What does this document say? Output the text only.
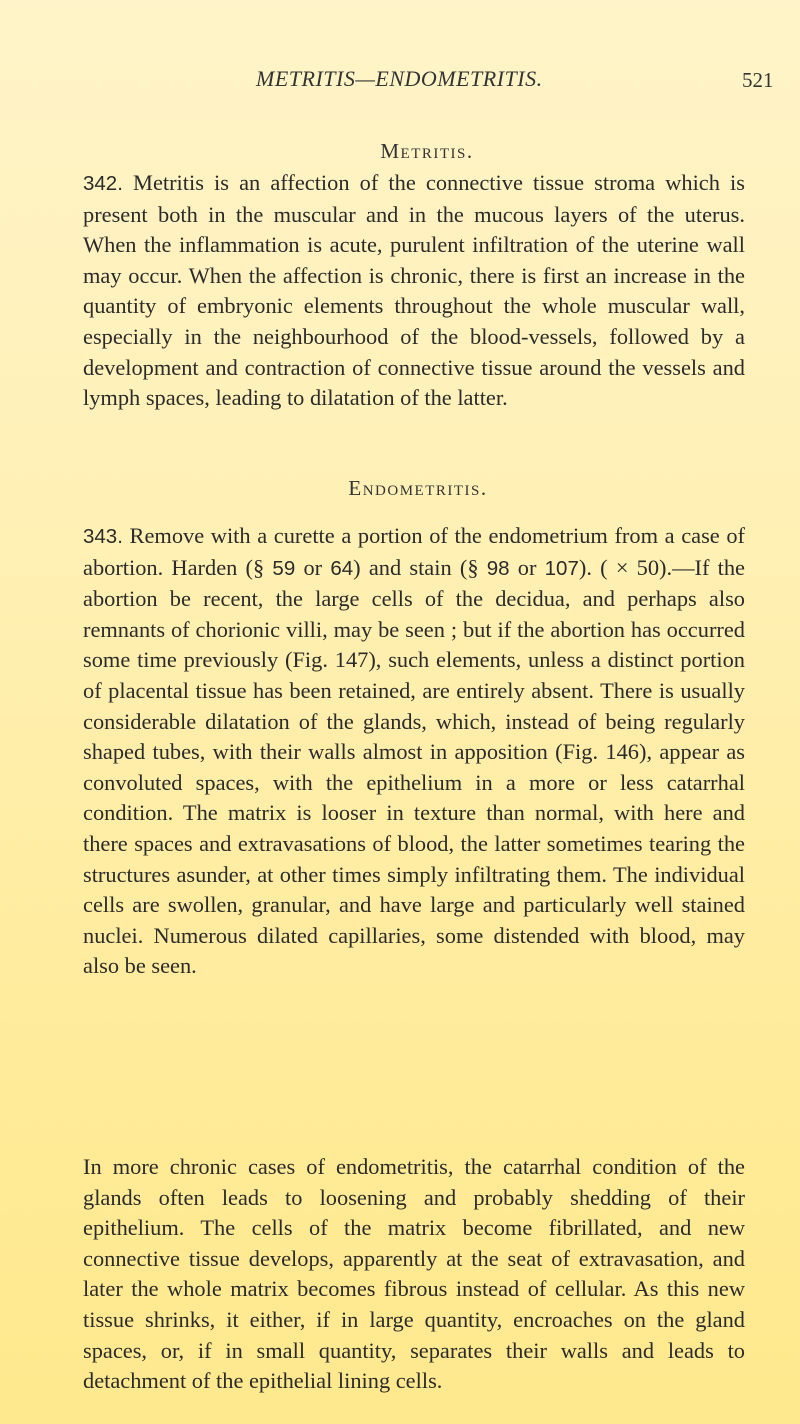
METRITIS—ENDOMETRITIS.	521
Metritis.

342. Metritis is an affection of the connective tissue stroma which is present both in the muscular and in the mucous layers of the uterus. When the inflammation is acute, purulent infiltration of the uterine wall may occur. When the affection is chronic, there is first an increase in the quantity of embryonic elements throughout the whole muscular wall, especially in the neighbourhood of the blood-vessels, followed by a development and contraction of connective tissue around the vessels and lymph spaces, leading to dilatation of the latter.

Endometritis.

343. Remove with a curette a portion of the endometrium from a case of abortion. Harden (§ 59 or 64) and stain (§ 98 or 107). ( × 50).—If the abortion be recent, the large cells of the decidua, and perhaps also remnants of chorionic villi, may be seen ; but if the abortion has occurred some time previously (Fig. 147), such elements, unless a distinct portion of placental tissue has been retained, are entirely absent. There is usually considerable dilatation of the glands, which, instead of being regularly shaped tubes, with their walls almost in apposition (Fig. 146), appear as convoluted spaces, with the epithelium in a more or less catarrhal condition. The matrix is looser in texture than normal, with here and there spaces and extravasations of blood, the latter sometimes tearing the structures asunder, at other times simply infiltrating them. The individual cells are swollen, granular, and have large and particularly well stained nuclei. Numerous dilated capillaries, some distended with blood, may also be seen.

In more chronic cases of endometritis, the catarrhal condition of the glands often leads to loosening and probably shedding of their epithelium. The cells of the matrix become fibrillated, and new connective tissue develops, apparently at the seat of extravasation, and later the whole matrix becomes fibrous instead of cellular. As this new tissue shrinks, it either, if in large quantity, encroaches on the gland spaces, or, if in small quantity, separates their walls and leads to detachment of the epithelial lining cells.
